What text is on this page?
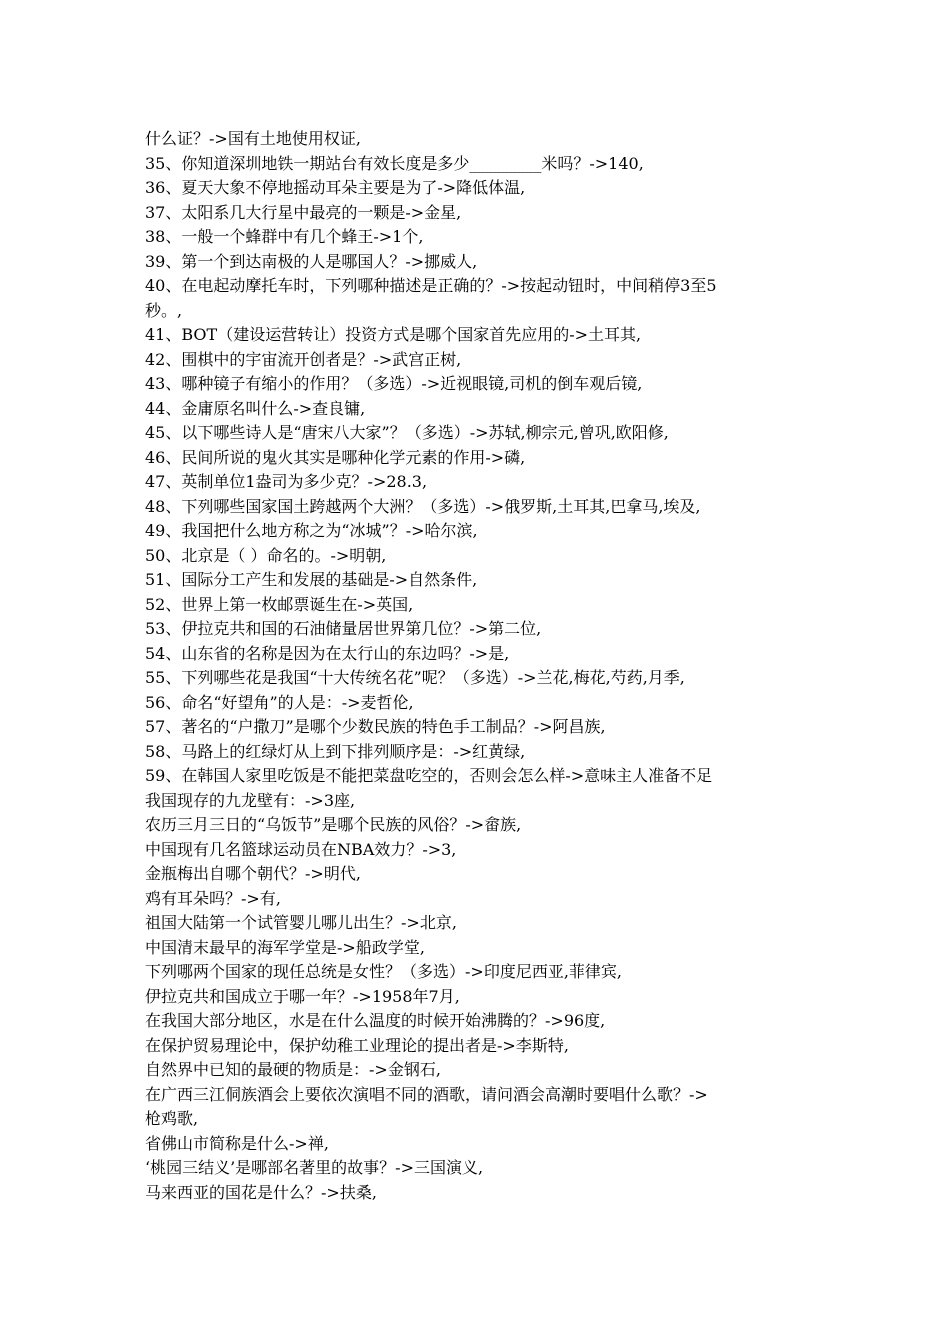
什么证？->国有土地使用权证,
35、你知道深圳地铁一期站台有效长度是多少_________米吗？->140,
36、夏天大象不停地摇动耳朵主要是为了->降低体温,
37、太阳系几大行星中最亮的一颗是->金星,
38、一般一个蜂群中有几个蜂王->1个,
39、第一个到达南极的人是哪国人？->挪威人,
40、在电起动摩托车时，下列哪种描述是正确的？->按起动钮时，中间稍停3至5
秒。,
41、BOT（建设运营转让）投资方式是哪个国家首先应用的->土耳其,
42、围棋中的宇宙流开创者是？->武宫正树,
43、哪种镜子有缩小的作用？（多选）->近视眼镜,司机的倒车观后镜,
44、金庸原名叫什么->查良镛,
45、以下哪些诗人是“唐宋八大家”？（多选）->苏轼,柳宗元,曾巩,欧阳修,
46、民间所说的鬼火其实是哪种化学元素的作用->磷,
47、英制单位1盎司为多少克？->28.3,
48、下列哪些国家国土跨越两个大洲？（多选）->俄罗斯,土耳其,巴拿马,埃及,
49、我国把什么地方称之为“冰城”？->哈尔滨,
50、北京是（ ）命名的。->明朝,
51、国际分工产生和发展的基础是->自然条件,
52、世界上第一枚邮票诞生在->英国,
53、伊拉克共和国的石油储量居世界第几位？->第二位,
54、山东省的名称是因为在太行山的东边吗？->是,
55、下列哪些花是我国“十大传统名花”呢？（多选）->兰花,梅花,芍药,月季,
56、命名“好望角”的人是：->麦哲伦,
57、著名的“户撒刀”是哪个少数民族的特色手工制品？->阿昌族,
58、马路上的红绿灯从上到下排列顺序是：->红黄绿,
59、在韩国人家里吃饭是不能把菜盘吃空的，否则会怎么样->意味主人准备不足
我国现存的九龙壁有：->3座,
农历三月三日的“乌饭节”是哪个民族的风俗？->畲族,
中国现有几名篮球运动员在NBA效力？->3,
金瓶梅出自哪个朝代？->明代,
鸡有耳朵吗？->有,
祖国大陆第一个试管婴儿哪儿出生？->北京,
中国清末最早的海军学堂是->船政学堂,
下列哪两个国家的现任总统是女性？（多选）->印度尼西亚,菲律宾,
伊拉克共和国成立于哪一年？->1958年7月,
在我国大部分地区，水是在什么温度的时候开始沸腾的？->96度,
在保护贸易理论中，保护幼稚工业理论的提出者是->李斯特,
自然界中已知的最硬的物质是：->金钢石,
在广西三江侗族酒会上要依次演唱不同的酒歌，请问酒会高潮时要唱什么歌？->
枪鸡歌,
省佛山市简称是什么->禅,
‘桃园三结义’是哪部名著里的故事？->三国演义,
马来西亚的国花是什么？->扶桑,
